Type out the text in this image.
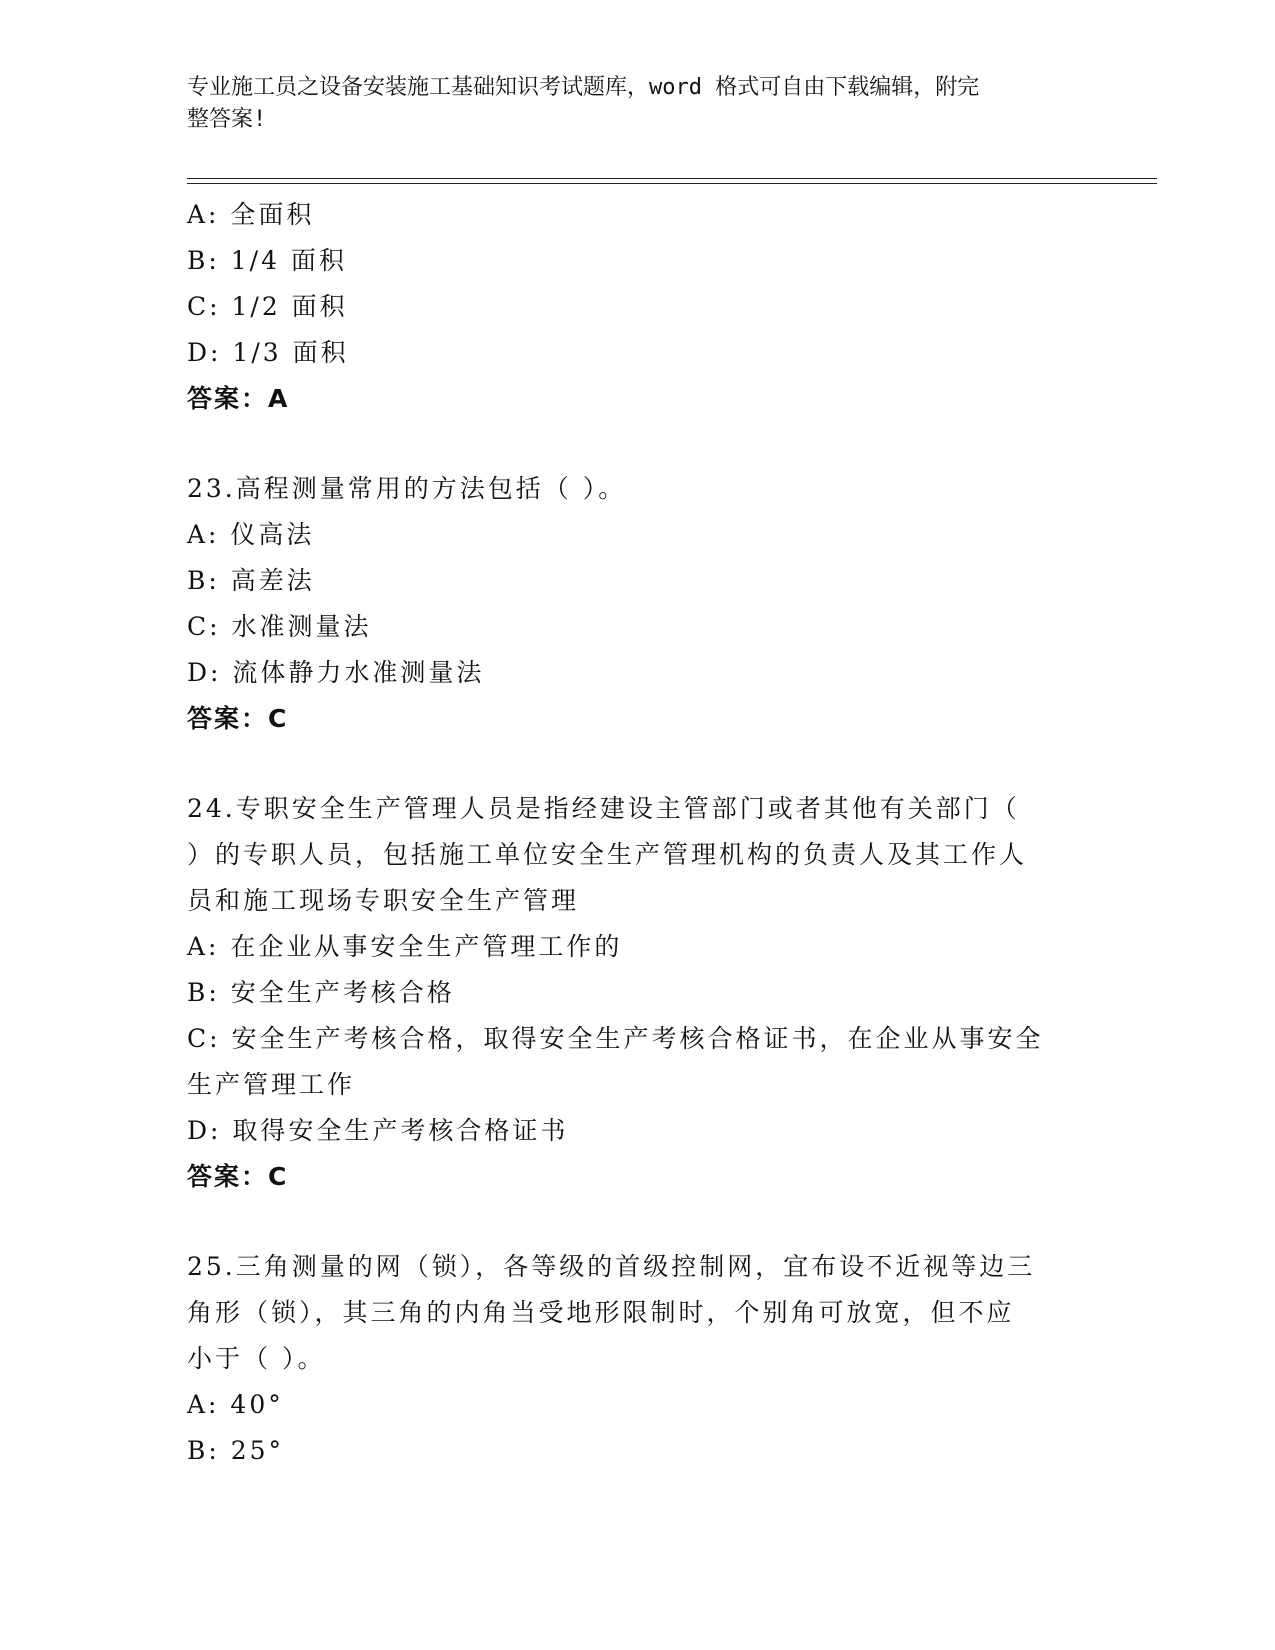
专业施工员之设备安装施工基础知识考试题库，word 格式可自由下载编辑，附完
整答案!
A: 全面积
B: 1/4 面积
C: 1/2 面积
D: 1/3 面积
答案：A
23.高程测量常用的方法包括（ ）。
A: 仪高法
B: 高差法
C: 水准测量法
D: 流体静力水准测量法
答案：C
24.专职安全生产管理人员是指经建设主管部门或者其他有关部门（
）的专职人员，包括施工单位安全生产管理机构的负责人及其工作人
员和施工现场专职安全生产管理
A: 在企业从事安全生产管理工作的
B: 安全生产考核合格
C: 安全生产考核合格，取得安全生产考核合格证书，在企业从事安全
生产管理工作
D: 取得安全生产考核合格证书
答案：C
25.三角测量的网（锁），各等级的首级控制网，宜布设不近视等边三
角形（锁），其三角的内角当受地形限制时，个别角可放宽，但不应
小于（ ）。
A: 40°
B: 25°
